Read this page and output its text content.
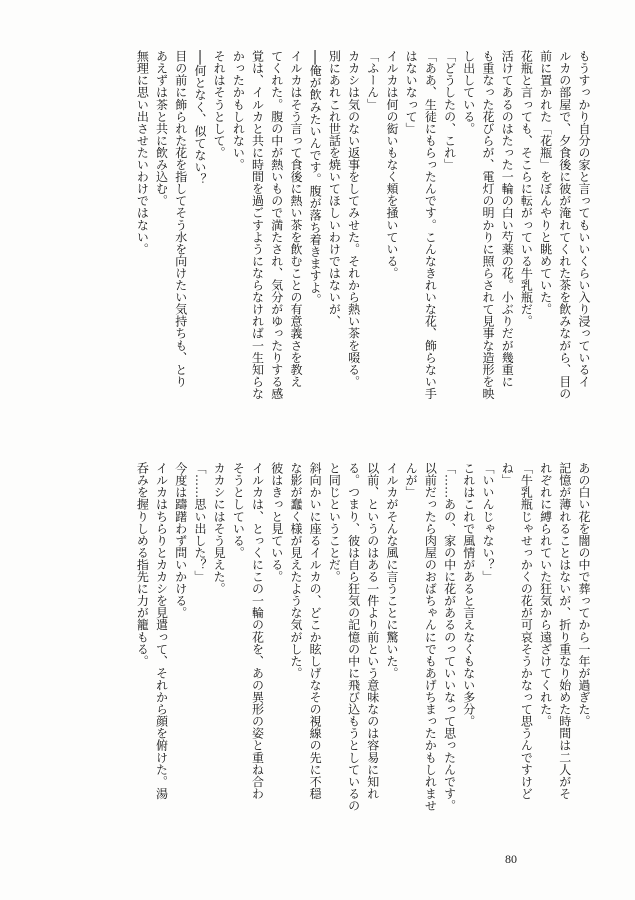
もうすっかり自分の家と言ってもいいくらい入り浸っているイ

ルカの部屋で、夕食後に彼が淹れてくれた茶を飲みながら、目の

前に置かれた「花瓶」をぼんやりと眺めていた。

花瓶と言っても、そこらに転がっている牛乳瓶だ。

活けてあるのはたった一輪の白い芍薬の花。小ぶりだが幾重に

も重なった花びらが、電灯の明かりに照らされて見事な造形を映

し出している。

「どうしたの、これ」

「ああ、生徒にもらったんです。こんなきれいな花、飾らない手

はないなって」

イルカは何の衒いもなく頬を掻いている。

「ふーん」

カカシは気のない返事をしてみせた。それから熱い茶を啜る。

別にあれこれ世話を焼いてほしいわけではないが、

──俺が飲みたいんです。腹が落ち着きますよ。

イルカはそう言って食後に熱い茶を飲むことの有意義さを教え

てくれた。腹の中が熱いもので満たされ、気分がゆったりする感

覚は、イルカと共に時間を過ごすようにならなければ一生知らな

かったかもしれない。

それはそうとして。

──何となく、似てない？

目の前に飾られた花を指してそう水を向けたい気持ちも、とり

あえずは茶と共に飲み込む。

無理に思い出させたいわけではない。

あの白い花を闇の中で葬ってから一年が過ぎた。

記憶が薄れることはないが、折り重なり始めた時間は二人がそ

れぞれに縛られていた狂気から遠ざけてくれた。

「牛乳瓶じゃせっかくの花が可哀そうかなって思うんですけど

ね」

「いいんじゃない？」

これはこれで風情があると言えなくもない多分。

「……あの、家の中に花があるのっていいなって思ったんです。

以前だったら肉屋のおばちゃんにでもあげちまったかもしれませ

んが」

イルカがそんな風に言うことに驚いた。

以前、というのはある一件より前という意味なのは容易に知れ

る。つまり、彼は自ら狂気の記憶の中に飛び込もうとしているの

と同じということだ。

斜向かいに座るイルカの、どこか眩しげなその視線の先に不穏

な影が蠢く様が見えたような気がした。

彼はきっと見ている。

イルカは、とっくにこの一輪の花を、あの異形の姿と重ね合わ

そうとしている。

カカシにはそう見えた。

「……思い出した？」

今度は躊躇わず問いかける。

イルカはちらりとカカシを見遣って、それから顔を俯けた。湯

呑みを握りしめる指先に力が籠もる。

80
